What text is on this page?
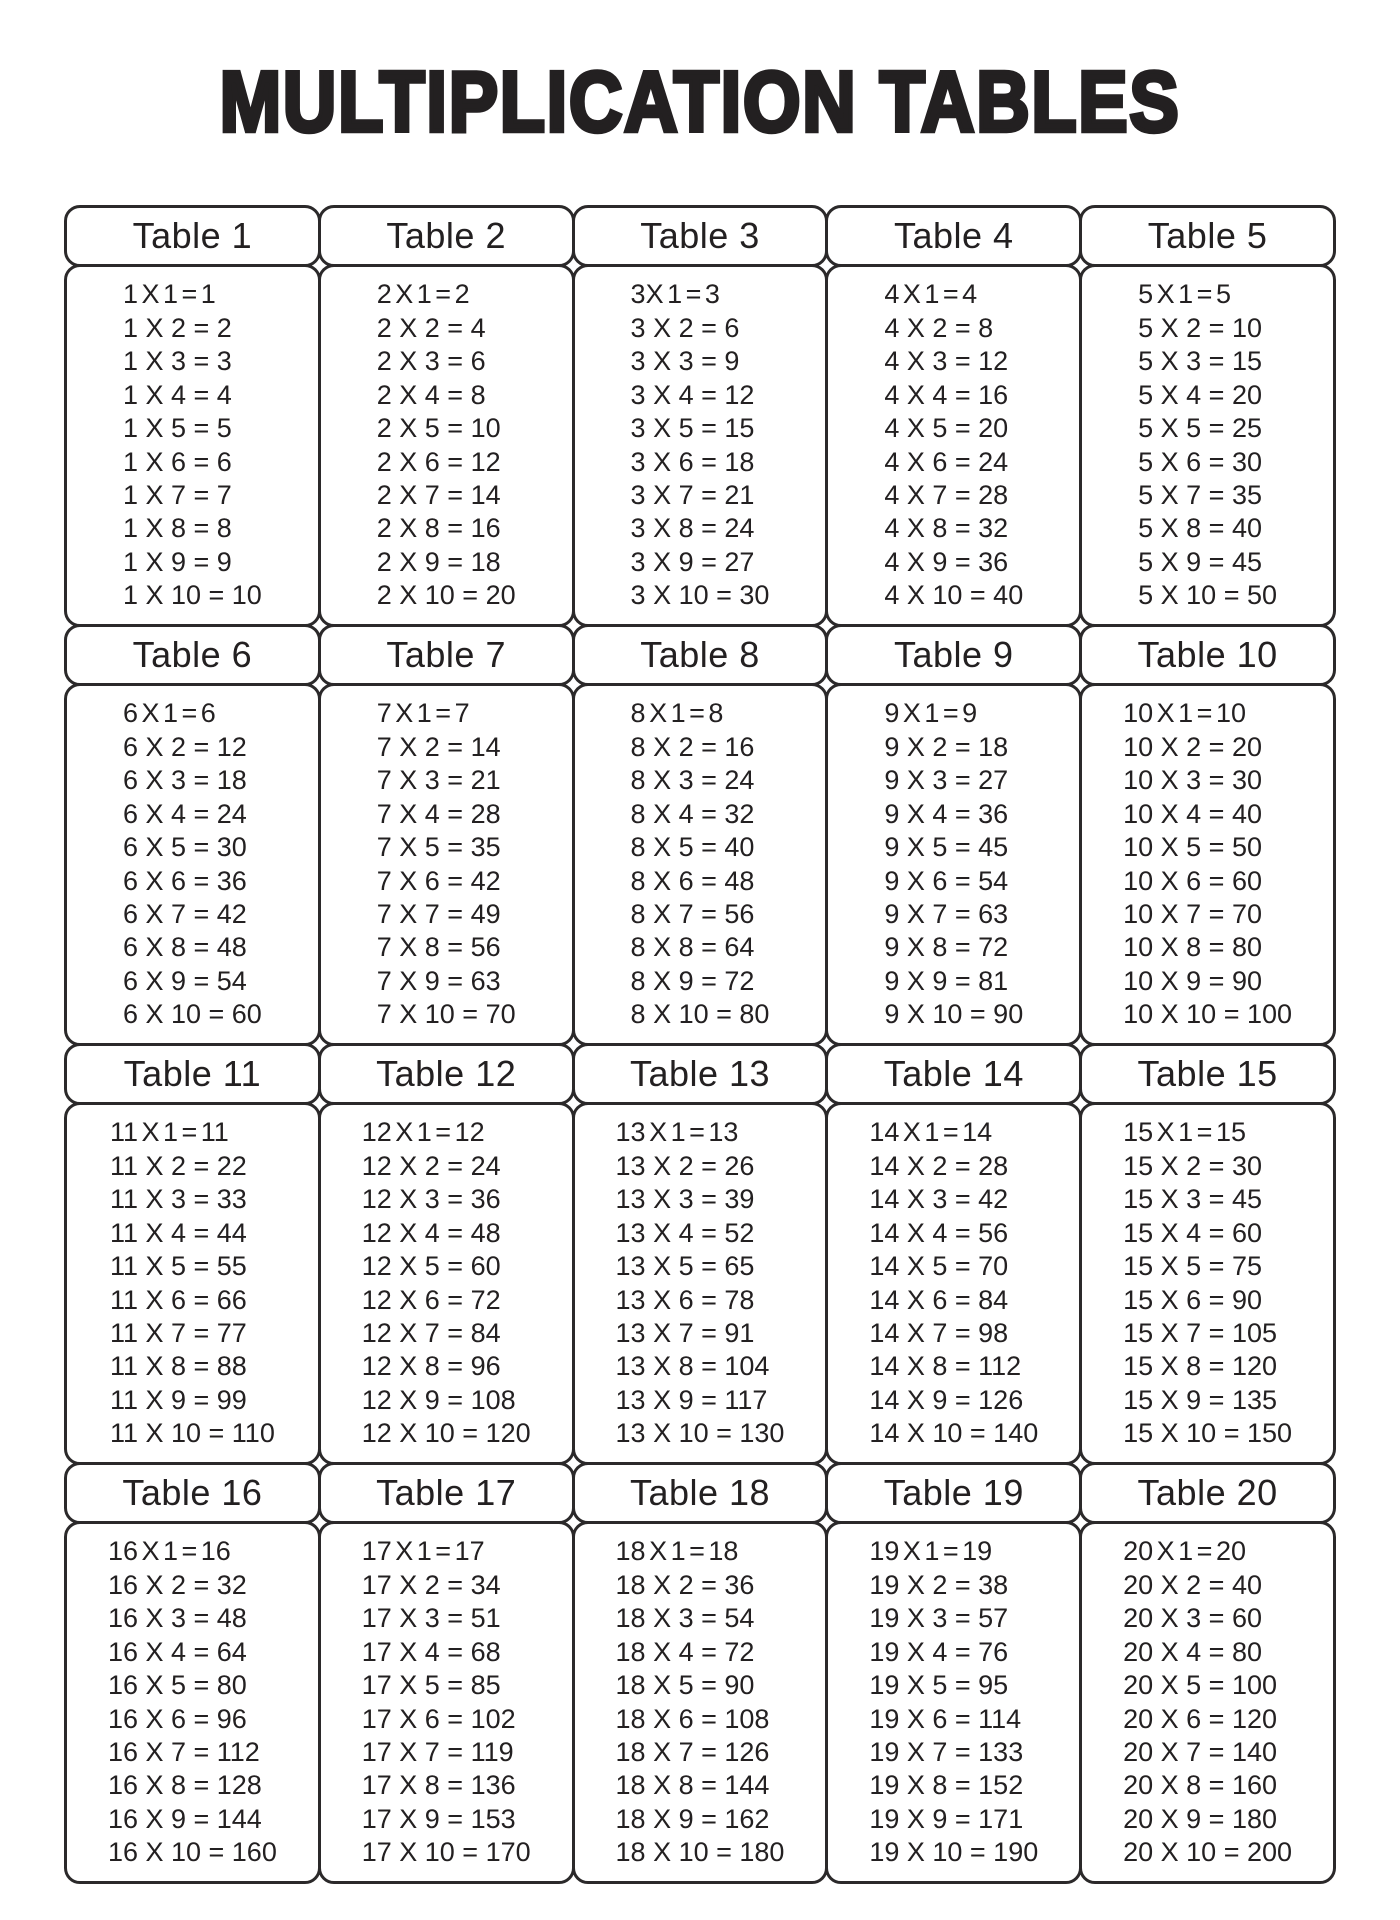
MULTIPLICATION TABLES
Table 1
1 X 1 = 1
1 X 2 = 2
1 X 3 = 3
1 X 4 = 4
1 X 5 = 5
1 X 6 = 6
1 X 7 = 7
1 X 8 = 8
1 X 9 = 9
1 X 10 = 10
Table 2
2 X 1 = 2
2 X 2 = 4
2 X 3 = 6
2 X 4 = 8
2 X 5 = 10
2 X 6 = 12
2 X 7 = 14
2 X 8 = 16
2 X 9 = 18
2 X 10 = 20
Table 3
3X 1 = 3
3 X 2 = 6
3 X 3 = 9
3 X 4 = 12
3 X 5 = 15
3 X 6 = 18
3 X 7 = 21
3 X 8 = 24
3 X 9 = 27
3 X 10 = 30
Table 4
4 X 1 = 4
4 X 2 = 8
4 X 3 = 12
4 X 4 = 16
4 X 5 = 20
4 X 6 = 24
4 X 7 = 28
4 X 8 = 32
4 X 9 = 36
4 X 10 = 40
Table 5
5 X 1 = 5
5 X 2 = 10
5 X 3 = 15
5 X 4 = 20
5 X 5 = 25
5 X 6 = 30
5 X 7 = 35
5 X 8 = 40
5 X 9 = 45
5 X 10 = 50
Table 6
6 X 1 = 6
6 X 2 = 12
6 X 3 = 18
6 X 4 = 24
6 X 5 = 30
6 X 6 = 36
6 X 7 = 42
6 X 8 = 48
6 X 9 = 54
6 X 10 = 60
Table 7
7 X 1 = 7
7 X 2 = 14
7 X 3 = 21
7 X 4 = 28
7 X 5 = 35
7 X 6 = 42
7 X 7 = 49
7 X 8 = 56
7 X 9 = 63
7 X 10 = 70
Table 8
8 X 1 = 8
8 X 2 = 16
8 X 3 = 24
8 X 4 = 32
8 X 5 = 40
8 X 6 = 48
8 X 7 = 56
8 X 8 = 64
8 X 9 = 72
8 X 10 = 80
Table 9
9 X 1 = 9
9 X 2 = 18
9 X 3 = 27
9 X 4 = 36
9 X 5 = 45
9 X 6 = 54
9 X 7 = 63
9 X 8 = 72
9 X 9 = 81
9 X 10 = 90
Table 10
10 X 1 = 10
10 X 2 = 20
10 X 3 = 30
10 X 4 = 40
10 X 5 = 50
10 X 6 = 60
10 X 7 = 70
10 X 8 = 80
10 X 9 = 90
10 X 10 = 100
Table 11
11 X 1 = 11
11 X 2 = 22
11 X 3 = 33
11 X 4 = 44
11 X 5 = 55
11 X 6 = 66
11 X 7 = 77
11 X 8 = 88
11 X 9 = 99
11 X 10 = 110
Table 12
12 X 1 = 12
12 X 2 = 24
12 X 3 = 36
12 X 4 = 48
12 X 5 = 60
12 X 6 = 72
12 X 7 = 84
12 X 8 = 96
12 X 9 = 108
12 X 10 = 120
Table 13
13 X 1 = 13
13 X 2 = 26
13 X 3 = 39
13 X 4 = 52
13 X 5 = 65
13 X 6 = 78
13 X 7 = 91
13 X 8 = 104
13 X 9 = 117
13 X 10 = 130
Table 14
14 X 1 = 14
14 X 2 = 28
14 X 3 = 42
14 X 4 = 56
14 X 5 = 70
14 X 6 = 84
14 X 7 = 98
14 X 8 = 112
14 X 9 = 126
14 X 10 = 140
Table 15
15 X 1 = 15
15 X 2 = 30
15 X 3 = 45
15 X 4 = 60
15 X 5 = 75
15 X 6 = 90
15 X 7 = 105
15 X 8 = 120
15 X 9 = 135
15 X 10 = 150
Table 16
16 X 1 = 16
16 X 2 = 32
16 X 3 = 48
16 X 4 = 64
16 X 5 = 80
16 X 6 = 96
16 X 7 = 112
16 X 8 = 128
16 X 9 = 144
16 X 10 = 160
Table 17
17 X 1 = 17
17 X 2 = 34
17 X 3 = 51
17 X 4 = 68
17 X 5 = 85
17 X 6 = 102
17 X 7 = 119
17 X 8 = 136
17 X 9 = 153
17 X 10 = 170
Table 18
18 X 1 = 18
18 X 2 = 36
18 X 3 = 54
18 X 4 = 72
18 X 5 = 90
18 X 6 = 108
18 X 7 = 126
18 X 8 = 144
18 X 9 = 162
18 X 10 = 180
Table 19
19 X 1 = 19
19 X 2 = 38
19 X 3 = 57
19 X 4 = 76
19 X 5 = 95
19 X 6 = 114
19 X 7 = 133
19 X 8 = 152
19 X 9 = 171
19 X 10 = 190
Table 20
20 X 1 = 20
20 X 2 = 40
20 X 3 = 60
20 X 4 = 80
20 X 5 = 100
20 X 6 = 120
20 X 7 = 140
20 X 8 = 160
20 X 9 = 180
20 X 10 = 200
